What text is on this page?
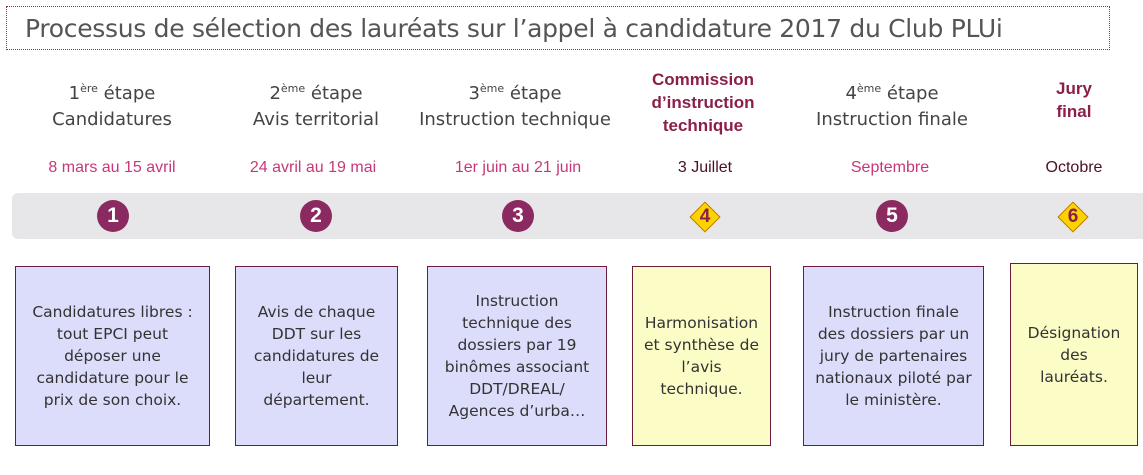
Processus de sélection des lauréats sur l’appel à candidature 2017 du Club PLUi
1ère étape
Candidatures
8 mars au 15 avril
1
Candidatures libres :
tout EPCI peut
déposer une
candidature pour le
prix de son choix.
2ème étape
Avis territorial
24 avril au 19 mai
2
Avis de chaque
DDT sur les
candidatures de
leur département.
3ème étape
Instruction technique
1er juin au 21 juin
3
Instruction
technique des
dossiers par 19
binômes associant
DDT/DREAL/
Agences d’urba…
Commission
d’instruction
technique
3 Juillet
4
Harmonisation
et synthèse de
l’avis
technique.
4ème étape
Instruction finale
Septembre
5
Instruction finale
des dossiers par un
jury de partenaires
nationaux piloté par
le ministère.
Jury
final
Octobre
6
Désignation
des
lauréats.
